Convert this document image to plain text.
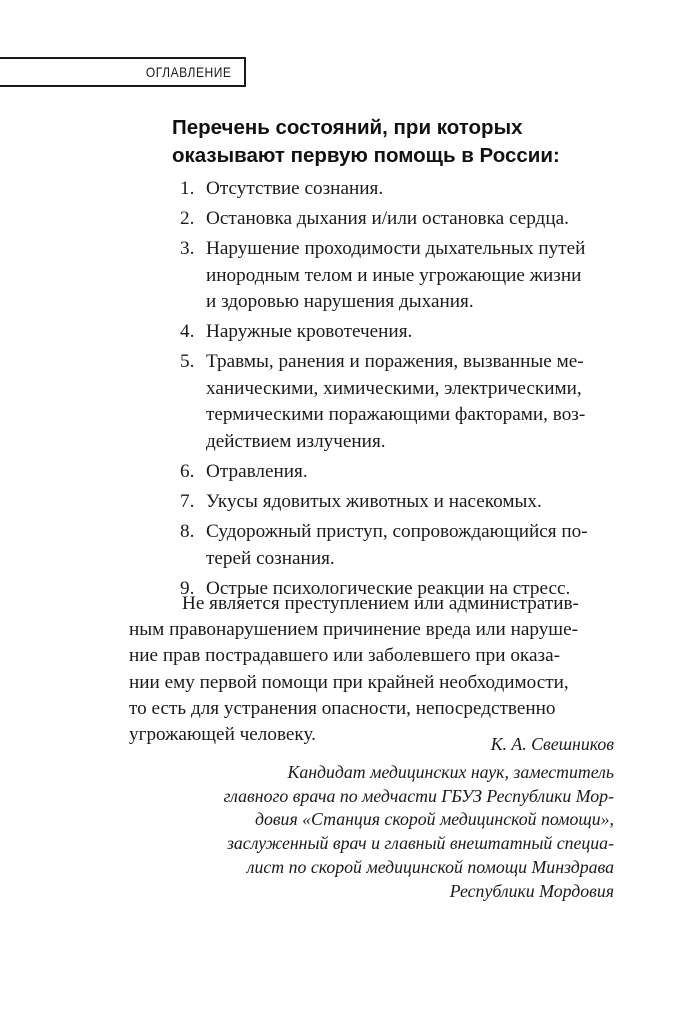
ОГЛАВЛЕНИЕ
Перечень состояний, при которых
оказывают первую помощь в России:
1. Отсутствие сознания.
2. Остановка дыхания и/или остановка сердца.
3. Нарушение проходимости дыхательных путей
инородным телом и иные угрожающие жизни
и здоровью нарушения дыхания.
4. Наружные кровотечения.
5. Травмы, ранения и поражения, вызванные ме-
ханическими, химическими, электрическими,
термическими поражающими факторами, воз-
действием излучения.
6. Отравления.
7. Укусы ядовитых животных и насекомых.
8. Судорожный приступ, сопровождающийся по-
терей сознания.
9. Острые психологические реакции на стресс.

Не является преступлением или административ-
ным правонарушением причинение вреда или наруше-
ние прав пострадавшего или заболевшего при оказа-
нии ему первой помощи при крайней необходимости,
то есть для устранения опасности, непосредственно
угрожающей человеку.	К. А. Свешников
Кандидат медицинских наук, заместитель
главного врача по медчасти ГБУЗ Республики Мор-
довия «Станция скорой медицинской помощи»,
заслуженный врач и главный внештатный специа-
лист по скорой медицинской помощи Минздрава
Республики Мордовия
